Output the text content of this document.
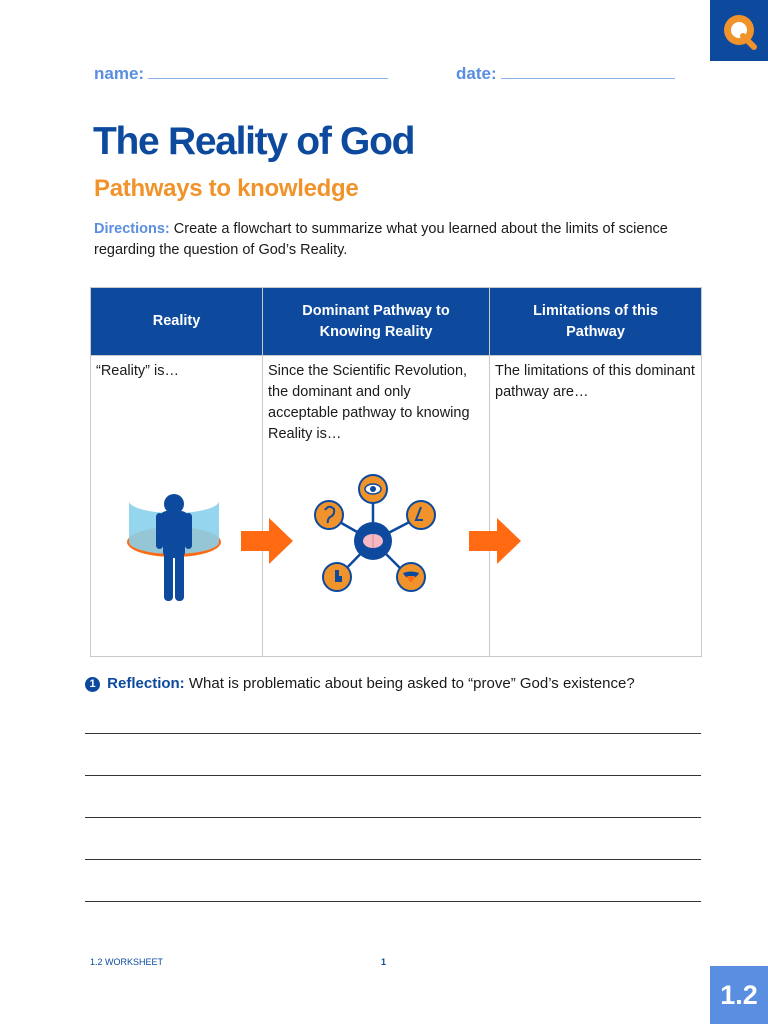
name:	date:
The Reality of God
Pathways to knowledge
Directions: Create a flowchart to summarize what you learned about the limits of science regarding the question of God’s Reality.
Reality	Dominant Pathway to Knowing Reality	Limitations of this Pathway

“Reality” is…	Since the Scientific Revolution, the dominant and only acceptable pathway to knowing Reality is…	The limitations of this dominant pathway are…
1 Reflection: What is problematic about being asked to “prove” God’s existence?
1.2 WORKSHEET	1
1.2
